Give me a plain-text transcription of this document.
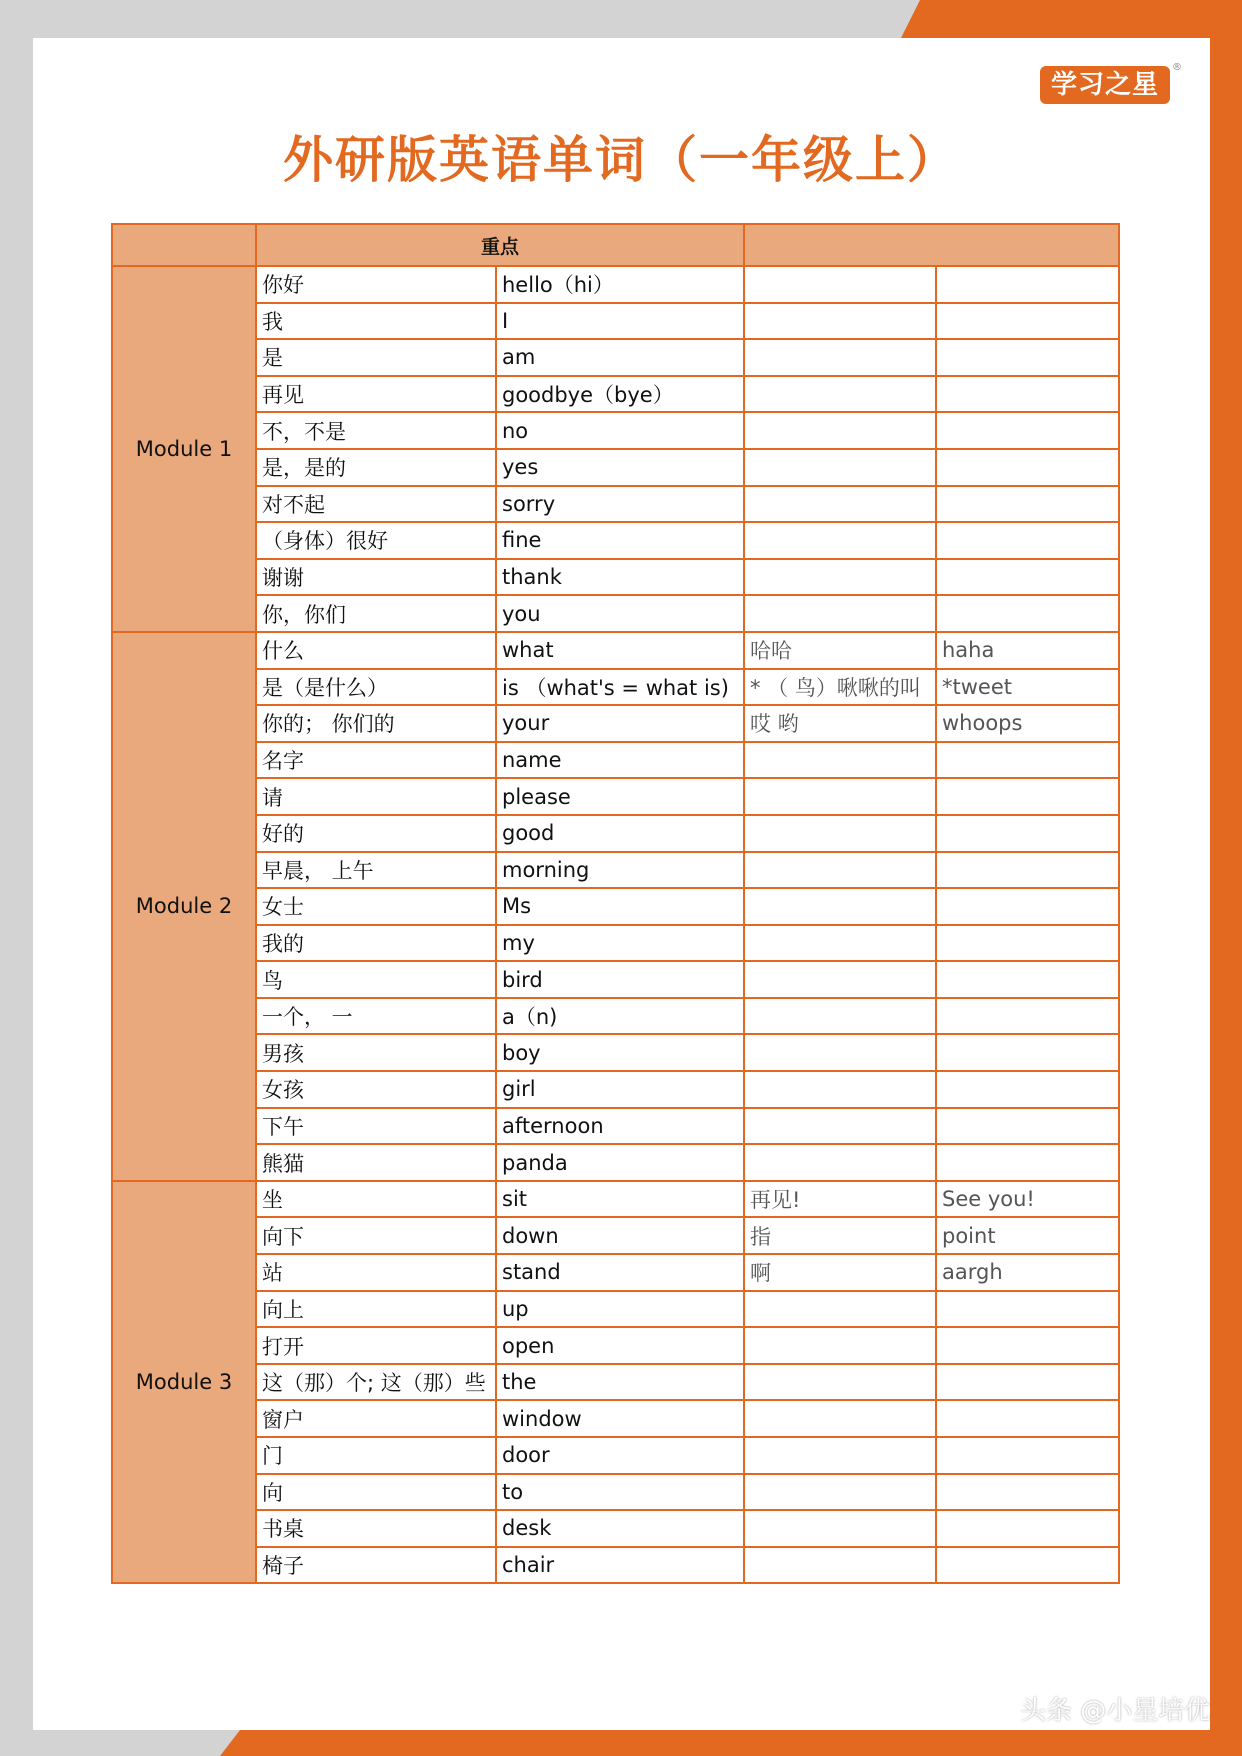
学习之星
®
外研版英语单词（一年级上）
	重点			
Module 1	你好	hello（hi）		
	我	I		
	是	am		
	再见	goodbye（bye）		
	不，不是	no		
	是，是的	yes		
	对不起	sorry		
	（身体）很好	fine		
	谢谢	thank		
	你，你们	you		
Module 2	什么	what	哈哈	haha
	是（是什么）	is （what's = what is)	* （ 鸟）啾啾的叫	*tweet
	你的； 你们的	your	哎 哟	whoops
	名字	name		
	请	please		
	好的	good		
	早晨， 上午	morning		
	女士	Ms		
	我的	my		
	鸟	bird		
	一个， 一	a（n)		
	男孩	boy		
	女孩	girl		
	下午	afternoon		
	熊猫	panda		
Module 3	坐	sit	再见!	See you!
	向下	down	指	point
	站	stand	啊	aargh
	向上	up		
	打开	open		
	这（那）个; 这（那）些	the		
	窗户	window		
	门	door		
	向	to		
	书桌	desk		
	椅子	chair		
头条 @小星培优
